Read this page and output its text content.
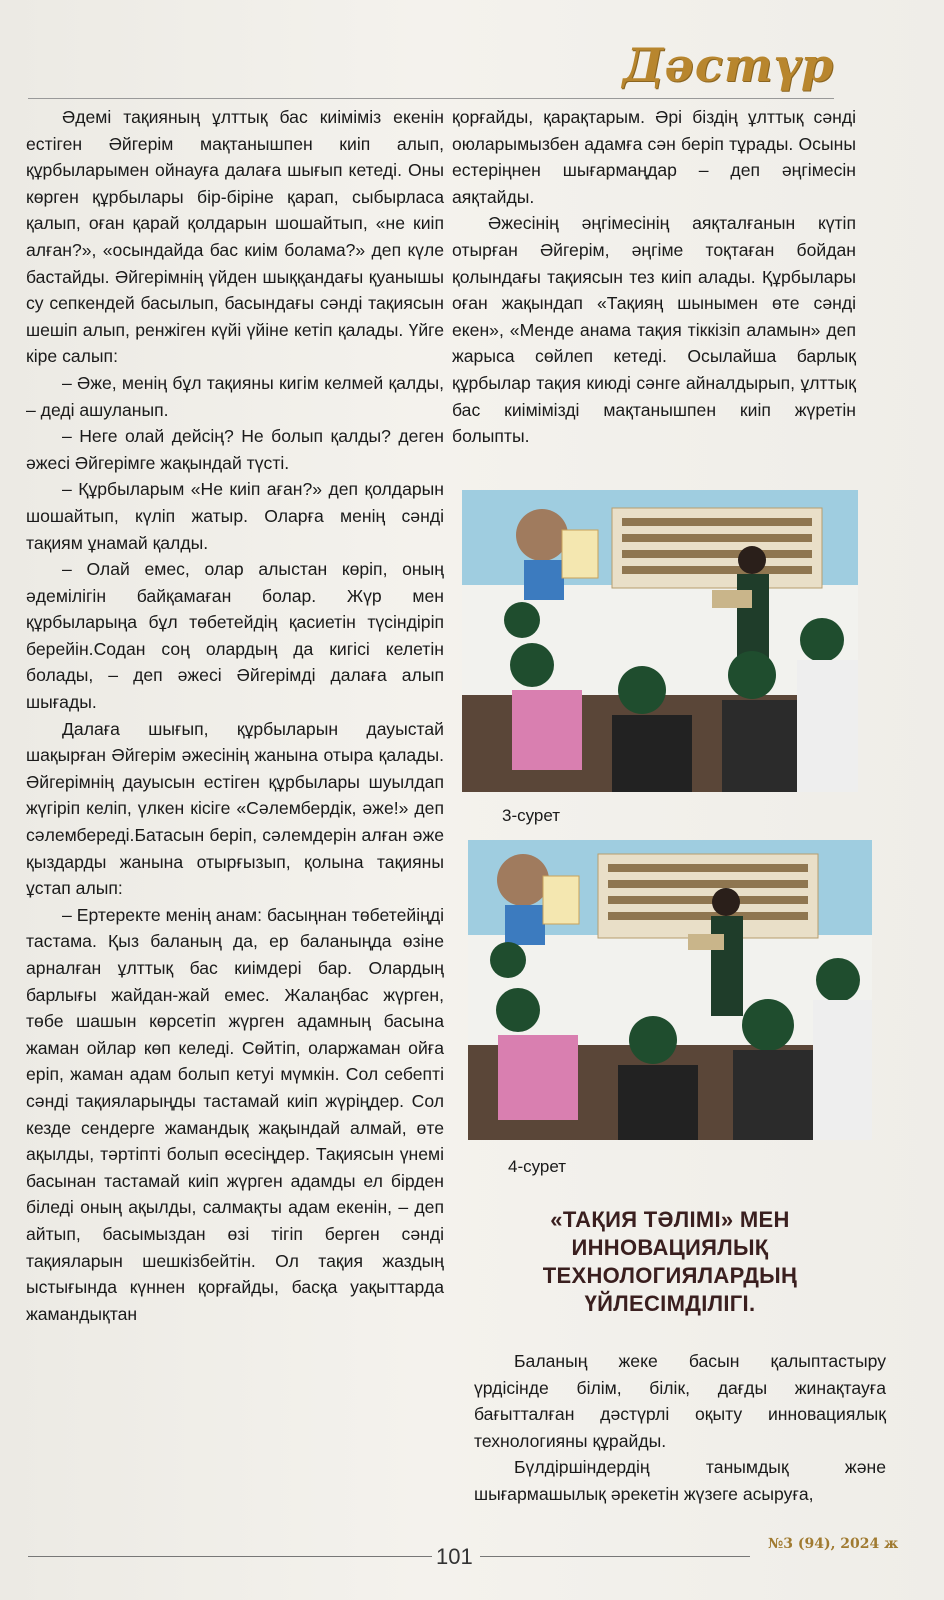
Дәстүр

Әдемі тақияның ұлттық бас киіміміз екенін естіген Әйгерім мақтанышпен киіп алып, құрбыларымен ойнауға далаға шығып кетеді. Оны көрген құрбылары бір-біріне қарап, сыбырласа қалып, оған қарай қолдарын шошайтып, «не киіп алған?», «осындайда бас киім болама?» деп күле бастайды. Әйгерімнің үйден шыққандағы қуанышы су сепкендей басылып, басындағы сәнді тақиясын шешіп алып, ренжіген күйі үйіне кетіп қалады. Үйге кіре салып:

– Әже, менің бұл тақияны кигім келмей қалды, – деді ашуланып.

– Неге олай дейсің? Не болып қалды? деген әжесі Әйгерімге жақындай түсті.

– Құрбыларым «Не киіп аған?» деп қолдарын шошайтып, күліп жатыр. Оларға менің сәнді тақиям ұнамай қалды.

– Олай емес, олар алыстан көріп, оның әдемілігін байқамаған болар. Жүр мен құрбыларыңа бұл төбетейдің қасиетін түсіндіріп берейін.Содан соң олардың да кигісі келетін болады, – деп әжесі Әйгерімді далаға алып шығады.

Далаға шығып, құрбыларын дауыстай шақырған Әйгерім әжесінің жанына отыра қалады. Әйгерімнің дауысын естіген құрбылары шуылдап жүгіріп келіп, үлкен кісіге «Сәлембердік, әже!» деп сәлембереді.Батасын беріп, сәлемдерін алған әже қыздарды жанына отырғызып, қолына тақияны ұстап алып:

– Ертеректе менің анам: басыңнан төбетейіңді тастама. Қыз баланың да, ер баланыңда өзіне арналған ұлттық бас киімдері бар. Олардың барлығы жайдан-жай емес. Жалаңбас жүрген, төбе шашын көрсетіп жүрген адамның басына жаман ойлар көп келеді. Сөйтіп, оларжаман ойға еріп, жаман адам болып кетуі мүмкін. Сол себепті сәнді тақияларыңды тастамай киіп жүріңдер. Сол кезде сендерге жамандық жақындай алмай, өте ақылды, тәртіпті болып өсесіңдер. Тақиясын үнемі басынан тастамай киіп жүрген адамды ел бірден біледі оның ақылды, салмақты адам екенін, – деп айтып, басымыздан өзі тігіп берген сәнді тақияларын шешкізбейтін. Ол тақия жаздың ыстығында күннен қорғайды, басқа уақыттарда жамандықтан

қорғайды, қарақтарым. Әрі біздің ұлттық сәнді оюларымызбен адамға сән беріп тұрады. Осыны естеріңнен шығармаңдар – деп әңгімесін аяқтайды.

Әжесінің әңгімесінің аяқталғанын күтіп отырған Әйгерім, әңгіме тоқтаған бойдан қолындағы тақиясын тез киіп алады. Құрбылары оған жақындап «Тақияң шынымен өте сәнді екен», «Менде анама тақия тіккізіп аламын» деп жарыса сөйлеп кетеді. Осылайша барлық құрбылар тақия киюді сәнге айналдырып, ұлттық бас киімімізді мақтанышпен киіп жүретін болыпты.

3-сурет
4-сурет
«ТАҚИЯ ТӘЛІМІ» МЕН ИННОВАЦИЯЛЫҚ ТЕХНОЛОГИЯЛАРДЫҢ ҮЙЛЕСІМДІЛІГІ.

Баланың жеке басын қалыптастыру үрдісінде білім, білік, дағды жинақтауға бағытталған дәстүрлі оқыту инновациялық технологияны құрайды.

Бүлдіршіндердің танымдық және шығармашылық әрекетін жүзеге асыруға,

101	№3 (94), 2024 ж
